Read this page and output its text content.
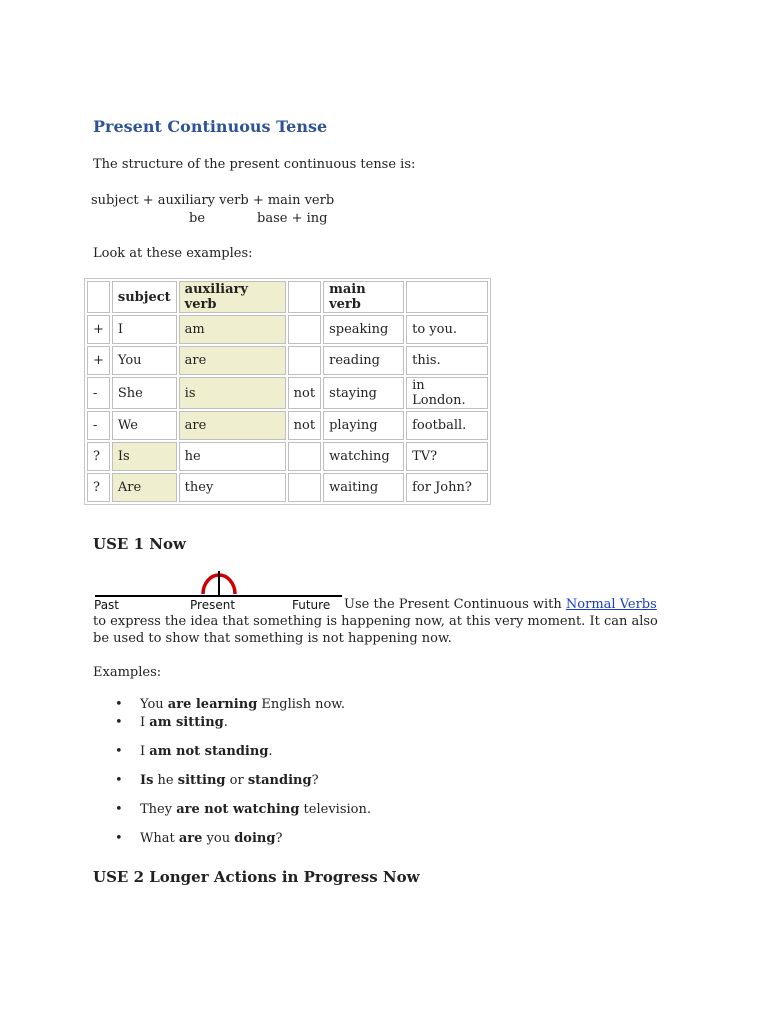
Present Continuous Tense
The structure of the present continuous tense is:
subject + auxiliary verb + main verb
be	base + ing
Look at these examples:
	subject	auxiliary verb		main verb	
+	I	am		speaking	to you.
+	You	are		reading	this.
-	She	is	not	staying	in London.
-	We	are	not	playing	football.
?	Is	he		watching	TV?
?	Are	they		waiting	for John?
USE 1 Now
Past	Present	Future	Use the Present Continuous with Normal Verbs to express the idea that something is happening now, at this very moment. It can also be used to show that something is not happening now.
Examples:
• You are learning English now.
• I am sitting.
• I am not standing.
• Is he sitting or standing?
• They are not watching television.
• What are you doing?
USE 2 Longer Actions in Progress Now
